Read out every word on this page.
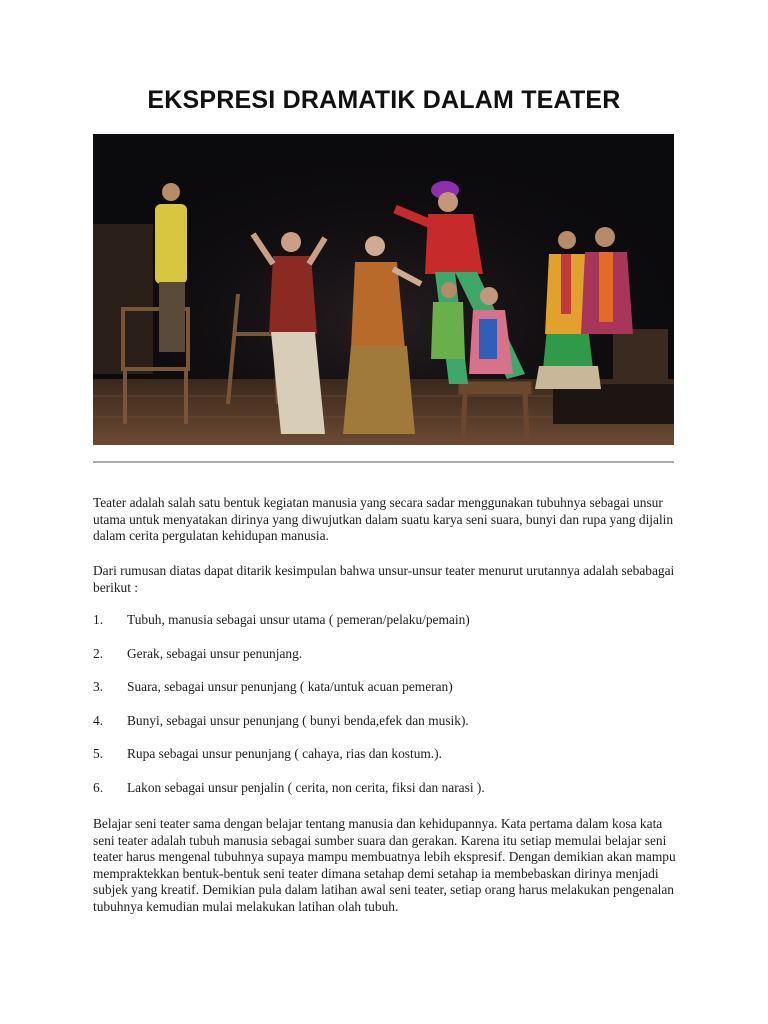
EKSPRESI DRAMATIK DALAM TEATER

Teater adalah salah satu bentuk kegiatan manusia yang secara sadar menggunakan tubuhnya sebagai unsur utama untuk menyatakan dirinya yang diwujutkan dalam suatu karya seni suara, bunyi dan rupa yang dijalin dalam cerita pergulatan kehidupan manusia.

Dari rumusan diatas dapat ditarik kesimpulan bahwa unsur-unsur teater menurut urutannya adalah sebabagai berikut :

1. Tubuh, manusia sebagai unsur utama ( pemeran/pelaku/pemain)
2. Gerak, sebagai unsur penunjang.
3. Suara, sebagai unsur penunjang ( kata/untuk acuan pemeran)
4. Bunyi, sebagai unsur penunjang ( bunyi benda,efek dan musik).
5. Rupa sebagai unsur penunjang ( cahaya, rias dan kostum.).
6. Lakon sebagai unsur penjalin ( cerita, non cerita, fiksi dan narasi ).

Belajar seni teater sama dengan belajar tentang manusia dan kehidupannya. Kata pertama dalam kosa kata seni teater adalah tubuh manusia sebagai sumber suara dan gerakan. Karena itu setiap memulai belajar seni teater harus mengenal tubuhnya supaya mampu membuatnya lebih ekspresif. Dengan demikian akan mampu mempraktekkan bentuk-bentuk seni teater dimana setahap demi setahap ia membebaskan dirinya menjadi subjek yang kreatif. Demikian pula dalam latihan awal seni teater, setiap orang harus melakukan pengenalan tubuhnya kemudian mulai melakukan latihan olah tubuh.
